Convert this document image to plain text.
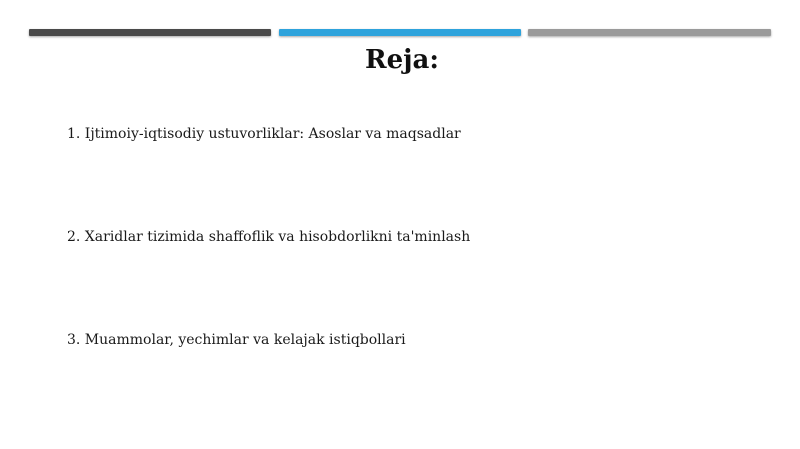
Reja:
1. Ijtimoiy-iqtisodiy ustuvorliklar: Asoslar va maqsadlar
2. Xaridlar tizimida shaffoflik va hisobdorlikni ta'minlash
3. Muammolar, yechimlar va kelajak istiqbollari
